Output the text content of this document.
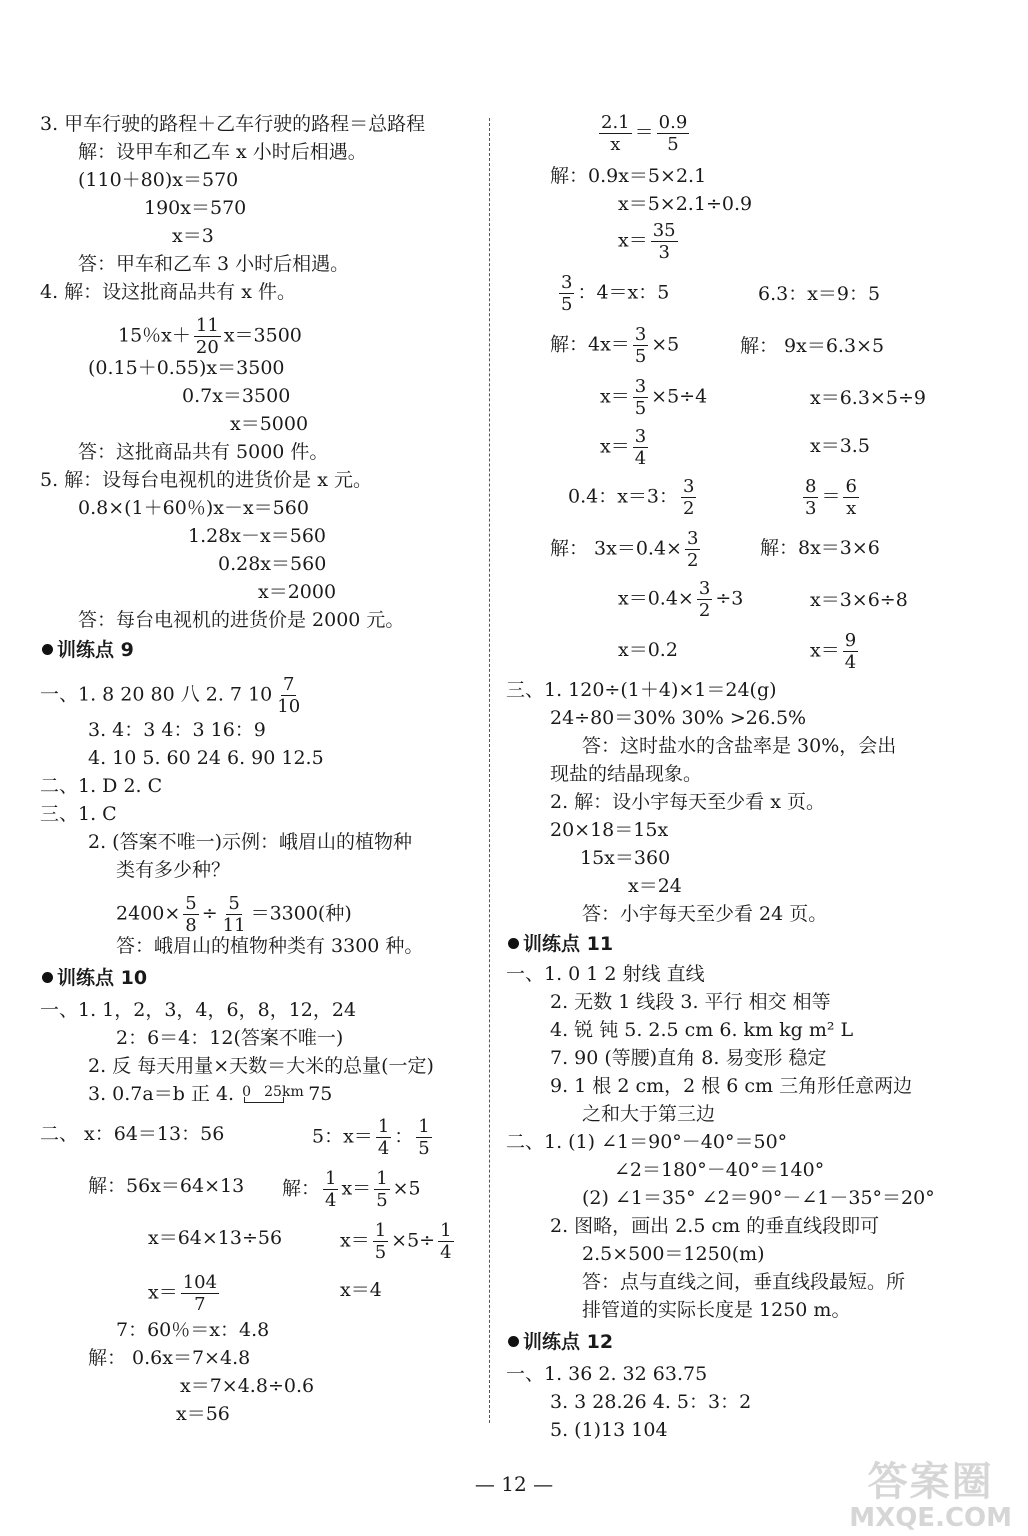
3. 甲车行驶的路程＋乙车行驶的路程＝总路程
解：设甲车和乙车 x 小时后相遇。
(110＋80)x＝570
190x＝570
x＝3
答：甲车和乙车 3 小时后相遇。
4. 解：设这批商品共有 x 件。
15％$x+ \frac{11}{20} x=3500$
(0.15＋0.55)x＝3500
0.7x＝3500
x＝5000
答：这批商品共有 5000 件。
5. 解：设每台电视机的进货价是 x 元。
0.8×(1＋60％)x－x＝560
1.28x－x＝560
0.28x＝560
x＝2000
答：每台电视机的进货价是 2000 元。
训练点 9
一、1. 8 20 80 八 2. 7 $10 \frac{7}{10}$
3. 4：3 4：3 16：9
4. 10 5. 60 24 6. 90 12.5
二、1. D 2. C
三、1. C
2. (答案不唯一)示例：峨眉山的植物种
类有多少种？
$2400\times \frac{5}{8} \div \frac{5}{11} =3300$(种)
答：峨眉山的植物种类有 3300 种。
训练点 10
一、1. 1，2，3，4，6，8，12，24
2：6＝4：12(答案不唯一)
2. 反 每天用量×天数＝大米的总量(一定)
3. 0.7a＝b 正 4. 0 25km 75
二、 x：64＝13：56	5：$x= \frac{1}{4}$ ： $\frac{1}{5}$
解：56x＝64×13 解： $\frac{1}{4} x= \frac{1}{5} \times 5$
x＝64×13÷56	$x= \frac{1}{5} \times 5\div \frac{1}{4}$
$x= \frac{104}{7}$	x＝4
7：60％＝x：4.8
解： 0.6x＝7×4.8
x＝7×4.8÷0.6
x＝56
$\frac{2.1}{x} = \frac{0.9}{5}$
解：0.9x＝5×2.1
x＝5×2.1÷0.9
$x= \frac{35}{3}$
$\frac{3}{5}$ ：4＝x：5	6.3：x＝9：5
解：$4x= \frac{3}{5} \times 5$	解： 9x＝6.3×5
$x= \frac{3}{5} \times 5\div 4$	x＝6.3×5÷9
$x= \frac{3}{4}$	x＝3.5
0.4：x＝3： $\frac{3}{2}$	$\frac{8}{3} = \frac{6}{x}$
解： $3x=0.4\times \frac{3}{2}$	解：8x＝3×6
$x=0.4\times \frac{3}{2} \div 3$	x＝3×6÷8
x＝0.2	$x= \frac{9}{4}$
三、1. 120÷(1＋4)×1＝24(g)
24÷80＝30% 30% >26.5%
答：这时盐水的含盐率是 30%，会出
现盐的结晶现象。
2. 解：设小宇每天至少看 x 页。
20×18＝15x
15x＝360
x＝24
答：小宇每天至少看 24 页。
训练点 11
一、1. 0 1 2 射线 直线
2. 无数 1 线段 3. 平行 相交 相等
4. 锐 钝 5. 2.5 cm 6. km kg m² L
7. 90 (等腰)直角 8. 易变形 稳定
9. 1 根 2 cm，2 根 6 cm 三角形任意两边
之和大于第三边
二、1. (1) ∠1＝90°－40°＝50°
∠2＝180°－40°＝140°
(2) ∠1＝35° ∠2＝90°－∠1－35°＝20°
2. 图略，画出 2.5 cm 的垂直线段即可
2.5×500＝1250(m)
答：点与直线之间，垂直线段最短。所
排管道的实际长度是 1250 m。
训练点 12
一、1. 36 2. 32 63.75
3. 3 28.26 4. 5：3：2
5. (1)13 104
— 12 —	答案圈
MXQE.COM
